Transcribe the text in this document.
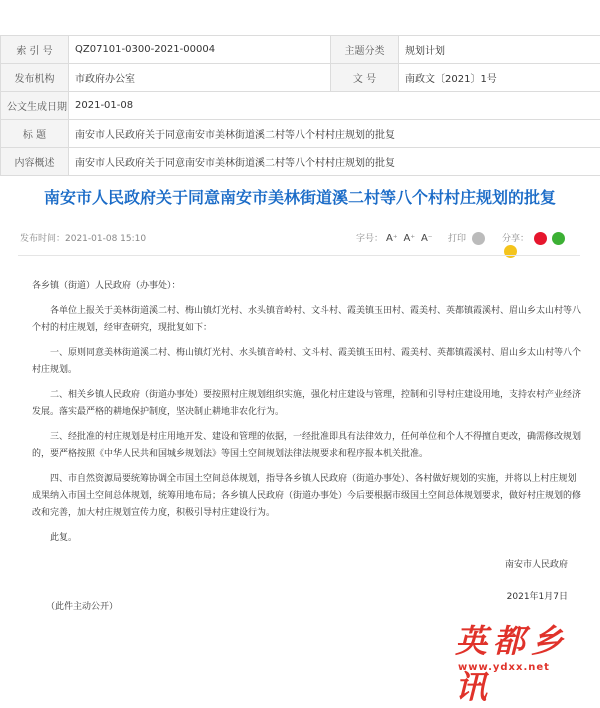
索 引 号	QZ07101-0300-2021-00004	主题分类	规划计划
发布机构	市政府办公室	文 号	南政文〔2021〕1号
公文生成日期	2021-01-08		
标 题	南安市人民政府关于同意南安市美林街道溪二村等八个村村庄规划的批复		
内容概述	南安市人民政府关于同意南安市美林街道溪二村等八个村村庄规划的批复		
南安市人民政府关于同意南安市美林街道溪二村等八个村村庄规划的批复
发布时间：2021-01-08 15:10	字号： A⁺ A⁺ A⁻ 打印	分享：

各乡镇（街道）人民政府（办事处）：

各单位上报关于美林街道溪二村、梅山镇灯光村、水头镇音岭村、文斗村、霞美镇玉田村、霞美村、英都镇霞溪村、眉山乡太山村等八个村的村庄规划，经审查研究，现批复如下：

一、原则同意美林街道溪二村、梅山镇灯光村、水头镇音岭村、文斗村、霞美镇玉田村、霞美村、英都镇霞溪村、眉山乡太山村等八个村庄规划。

二、相关乡镇人民政府（街道办事处）要按照村庄规划组织实施，强化村庄建设与管理，控制和引导村庄建设用地，支持农村产业经济发展。落实最严格的耕地保护制度，坚决制止耕地非农化行为。

三、经批准的村庄规划是村庄用地开发、建设和管理的依据，一经批准即具有法律效力，任何单位和个人不得擅自更改，确需修改规划的，要严格按照《中华人民共和国城乡规划法》等国土空间规划法律法规要求和程序报本机关批准。

四、市自然资源局要统筹协调全市国土空间总体规划，指导各乡镇人民政府（街道办事处）、各村做好规划的实施，并将以上村庄规划成果纳入市国土空间总体规划，统筹用地布局；各乡镇人民政府（街道办事处）今后要根据市级国土空间总体规划要求，做好村庄规划的修改和完善，加大村庄规划宣传力度，积极引导村庄建设行为。

此复。

南安市人民政府
2021年1月7日
（此件主动公开）
英都乡讯
www.ydxx.net
